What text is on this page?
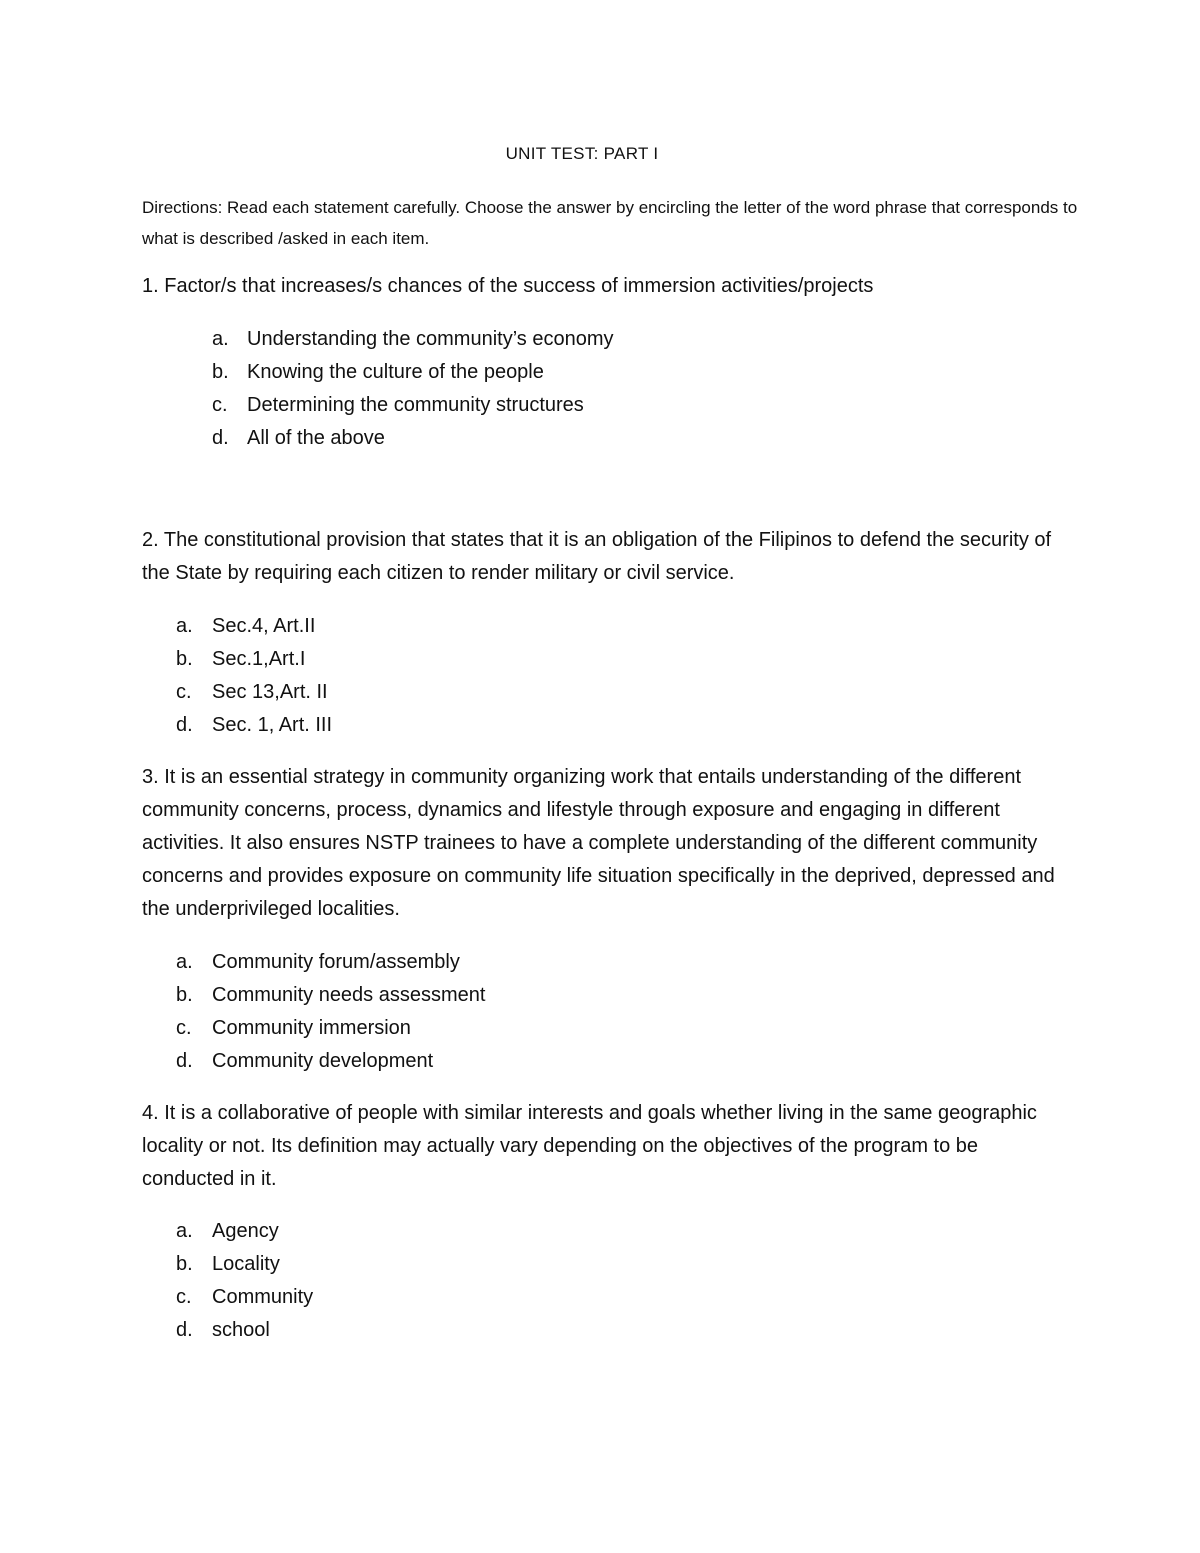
UNIT TEST: PART I
Directions: Read each statement carefully. Choose the answer by encircling the letter of the word phrase that corresponds to what is described /asked in each item.
1. Factor/s that increases/s chances of the success of immersion activities/projects
a. Understanding the community’s economy
b. Knowing the culture of the people
c. Determining the community structures
d. All of the above
2. The constitutional provision that states that it is an obligation of the Filipinos to defend the security of the State by requiring each citizen to render military or civil service.
a. Sec.4, Art.II
b. Sec.1,Art.I
c. Sec 13,Art. II
d. Sec. 1, Art. III
3. It is an essential strategy in community organizing work that entails understanding of the different community concerns, process, dynamics and lifestyle through exposure and engaging in different activities. It also ensures NSTP trainees to have a complete understanding of the different community concerns and provides exposure on community life situation specifically in the deprived, depressed and the underprivileged localities.
a. Community forum/assembly
b. Community needs assessment
c. Community immersion
d. Community development
4. It is a collaborative of people with similar interests and goals whether living in the same geographic locality or not. Its definition may actually vary depending on the objectives of the program to be conducted in it.
a. Agency
b. Locality
c. Community
d. school
